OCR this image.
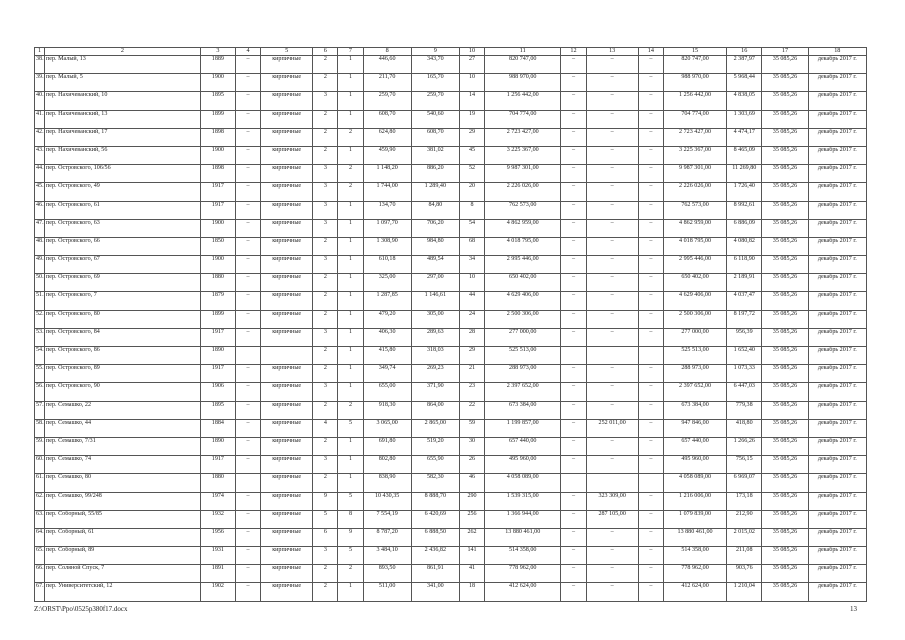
1	2	3	4	5	6	7	8	9	10	11	12	13	14	15	16	17	18
38.	пер. Малый, 13	1889	–	кирпичные	2	1	446,60	343,70	27	820 747,00	–	–	–	820 747,00	2 387,97	35 085,26	декабрь 2017 г.
39.	пер. Малый, 5	1900	–	кирпичные	2	1	211,70	165,70	10	988 970,00	–	–	–	988 970,00	5 968,44	35 085,26	декабрь 2017 г.
40.	пер. Нахичеванский, 10	1895	–	кирпичные	3	1	259,70	259,70	14	1 256 442,00	–	–	–	1 256 442,00	4 838,05	35 085,26	декабрь 2017 г.
41.	пер. Нахичеванский, 13	1899	–	кирпичные	2	1	608,70	540,60	19	704 774,00	–	–	–	704 774,00	1 303,69	35 085,26	декабрь 2017 г.
42.	пер. Нахичеванский, 17	1898	–	кирпичные	2	2	624,80	608,70	29	2 723 427,00	–	–	–	2 723 427,00	4 474,17	35 085,26	декабрь 2017 г.
43.	пер. Нахичеванский, 56	1900	–	кирпичные	2	1	459,90	381,02	45	3 225 367,00	–	–	–	3 225 367,00	8 465,09	35 085,26	декабрь 2017 г.
44.	пер. Островского, 106/56	1898	–	кирпичные	3	2	1 148,20	886,20	52	9 987 301,00	–	–	–	9 987 301,00	11 269,80	35 085,26	декабрь 2017 г.
45.	пер. Островского, 49	1917	–	кирпичные	3	2	1 744,00	1 289,40	20	2 226 026,00	–	–	–	2 226 026,00	1 726,40	35 085,26	декабрь 2017 г.
46.	пер. Островского, 61	1917	–	кирпичные	3	1	134,70	84,80	8	762 573,00	–	–	–	762 573,00	8 992,61	35 085,26	декабрь 2017 г.
47.	пер. Островского, 63	1900	–	кирпичные	3	1	1 097,70	706,20	54	4 862 959,00	–	–	–	4 862 959,00	6 886,09	35 085,26	декабрь 2017 г.
48.	пер. Островского, 66	1850	–	кирпичные	2	1	1 308,90	984,80	68	4 018 795,00	–	–	–	4 018 795,00	4 080,82	35 085,26	декабрь 2017 г.
49.	пер. Островского, 67	1900	–	кирпичные	3	1	610,18	489,54	34	2 995 446,00	–	–	–	2 995 446,00	6 118,90	35 085,26	декабрь 2017 г.
50.	пер. Островского, 69	1880	–	кирпичные	2	1	325,00	297,00	10	650 402,00	–	–	–	650 402,00	2 189,91	35 085,26	декабрь 2017 г.
51.	пер. Островского, 7	1879	–	кирпичные	2	1	1 287,85	1 146,61	44	4 629 406,00	–	–	–	4 629 406,00	4 037,47	35 085,26	декабрь 2017 г.
52.	пер. Островского, 80	1899	–	кирпичные	2	1	479,20	305,00	24	2 500 306,00	–	–	–	2 500 306,00	8 197,72	35 085,26	декабрь 2017 г.
53.	пер. Островского, 84	1917	–	кирпичные	3	1	406,30	289,63	28	277 000,00	–	–	–	277 000,00	956,39	35 085,26	декабрь 2017 г.
54.	пер. Островского, 86	1890			2	1	415,80	318,03	29	525 513,00				525 513,00	1 652,40	35 085,26	декабрь 2017 г.
55.	пер. Островского, 89	1917	–	кирпичные	2	1	349,74	269,23	21	288 973,00	–	–	–	288 973,00	1 073,33	35 085,26	декабрь 2017 г.
56.	пер. Островского, 90	1906	–	кирпичные	3	1	655,00	371,90	23	2 397 652,00	–	–	–	2 397 652,00	6 447,03	35 085,26	декабрь 2017 г.
57.	пер. Семашко, 22	1895	–	кирпичные	2	2	918,30	864,00	22	673 384,00	–	–	–	673 384,00	779,38	35 085,26	декабрь 2017 г.
58.	пер. Семашко, 44	1884	–	кирпичные	4	5	3 065,00	2 865,00	59	1 199 857,00	–	252 011,00	–	947 846,00	418,80	35 085,26	декабрь 2017 г.
59.	пер. Семашко, 7/31	1890	–	кирпичные	2	1	691,80	519,20	30	657 440,00	–	–	–	657 440,00	1 266,26	35 085,26	декабрь 2017 г.
60.	пер. Семашко, 74	1917	–	кирпичные	3	1	802,80	655,90	26	495 960,00	–	–	–	495 960,00	756,15	35 085,26	декабрь 2017 г.
61.	пер. Семашко, 80	1880		кирпичные	2	1	838,90	582,30	46	4 058 089,00				4 058 089,00	6 969,07	35 085,26	декабрь 2017 г.
62.	пер. Семашко, 99/248	1974	–	кирпичные	9	5	10 430,35	8 888,70	290	1 539 315,00	–	323 309,00	–	1 216 006,00	173,18	35 085,26	декабрь 2017 г.
63.	пер. Соборный, 55/85	1932	–	кирпичные	5	8	7 554,19	6 420,69	256	1 366 944,00	–	287 105,00	–	1 079 839,00	212,90	35 085,26	декабрь 2017 г.
64.	пер. Соборный, 61	1956	–	кирпичные	6	9	8 787,20	6 888,50	262	13 880 461,00	–	–	–	13 880 461,00	2 015,02	35 085,26	декабрь 2017 г.
65.	пер. Соборный, 89	1931	–	кирпичные	3	5	3 484,10	2 436,82	141	514 358,00	–	–	–	514 358,00	211,08	35 085,26	декабрь 2017 г.
66.	пер. Соляной Спуск, 7	1891	–	кирпичные	2	2	893,50	861,91	41	778 962,00	–	–	–	778 962,00	903,76	35 085,26	декабрь 2017 г.
67.	пер. Университетский, 12	1902	–	кирпичные	2	1	511,00	341,00	18	412 624,00	–	–	–	412 624,00	1 210,04	35 085,26	декабрь 2017 г.
Z:\ORST\Ppo\0525p380f17.docx	13
